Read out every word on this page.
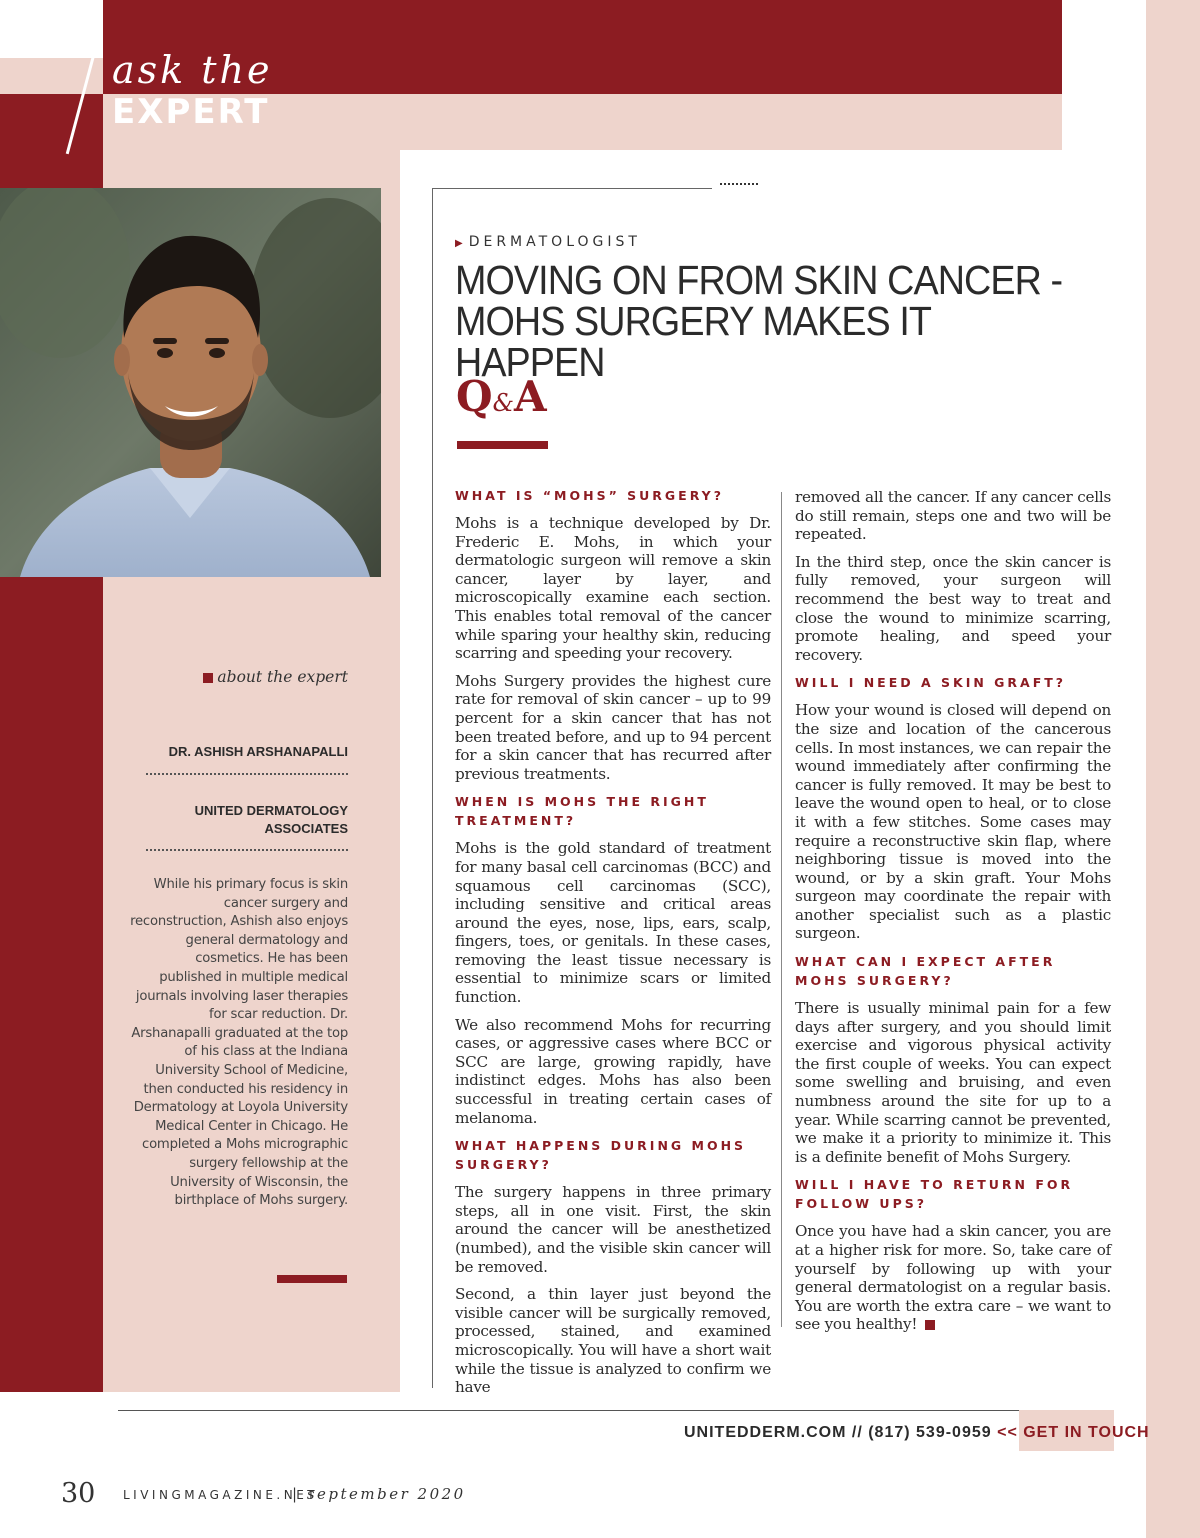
ask the
EXPERT
▶ DERMATOLOGIST
MOVING ON FROM SKIN CANCER - MOHS SURGERY MAKES IT HAPPEN
Q&A
WHAT IS “MOHS” SURGERY?

Mohs is a technique developed by Dr. Frederic E. Mohs, in which your dermatologic surgeon will remove a skin cancer, layer by layer, and microscopically examine each section. This enables total removal of the cancer while sparing your healthy skin, reducing scarring and speeding your recovery.

Mohs Surgery provides the highest cure rate for removal of skin cancer – up to 99 percent for a skin cancer that has not been treated before, and up to 94 percent for a skin cancer that has recurred after previous treatments.

WHEN IS MOHS THE RIGHT TREATMENT?

Mohs is the gold standard of treatment for many basal cell carcinomas (BCC) and squamous cell carcinomas (SCC), including sensitive and critical areas around the eyes, nose, lips, ears, scalp, fingers, toes, or genitals. In these cases, removing the least tissue necessary is essential to minimize scars or limited function.

We also recommend Mohs for recurring cases, or aggressive cases where BCC or SCC are large, growing rapidly, have indistinct edges. Mohs has also been successful in treating certain cases of melanoma.

WHAT HAPPENS DURING MOHS SURGERY?

The surgery happens in three primary steps, all in one visit. First, the skin around the cancer will be anesthetized (numbed), and the visible skin cancer will be removed.

Second, a thin layer just beyond the visible cancer will be surgically removed, processed, stained, and examined microscopically. You will have a short wait while the tissue is analyzed to confirm we have

removed all the cancer. If any cancer cells do still remain, steps one and two will be repeated.

In the third step, once the skin cancer is fully removed, your surgeon will recommend the best way to treat and close the wound to minimize scarring, promote healing, and speed your recovery.

WILL I NEED A SKIN GRAFT?

How your wound is closed will depend on the size and location of the cancerous cells. In most instances, we can repair the wound immediately after confirming the cancer is fully removed. It may be best to leave the wound open to heal, or to close it with a few stitches. Some cases may require a reconstructive skin flap, where neighboring tissue is moved into the wound, or by a skin graft. Your Mohs surgeon may coordinate the repair with another specialist such as a plastic surgeon.

WHAT CAN I EXPECT AFTER MOHS SURGERY?

There is usually minimal pain for a few days after surgery, and you should limit exercise and vigorous physical activity the first couple of weeks. You can expect some swelling and bruising, and even numbness around the site for up to a year. While scarring cannot be prevented, we make it a priority to minimize it. This is a definite benefit of Mohs Surgery.

WILL I HAVE TO RETURN FOR FOLLOW UPS?

Once you have had a skin cancer, you are at a higher risk for more. So, take care of yourself by following up with your general dermatologist on a regular basis. You are worth the extra care – we want to see you healthy!

about the expert
DR. ASHISH ARSHANAPALLI
UNITED DERMATOLOGY ASSOCIATES
While his primary focus is skin cancer surgery and reconstruction, Ashish also enjoys general dermatology and cosmetics. He has been published in multiple medical journals involving laser therapies for scar reduction. Dr. Arshanapalli graduated at the top of his class at the Indiana University School of Medicine, then conducted his residency in Dermatology at Loyola University Medical Center in Chicago. He completed a Mohs micrographic surgery fellowship at the University of Wisconsin, the birthplace of Mohs surgery.
UNITEDDERM.COM // (817) 539-0959 << GET IN TOUCH
30 LIVINGMAGAZINE.NET
| september 2020
